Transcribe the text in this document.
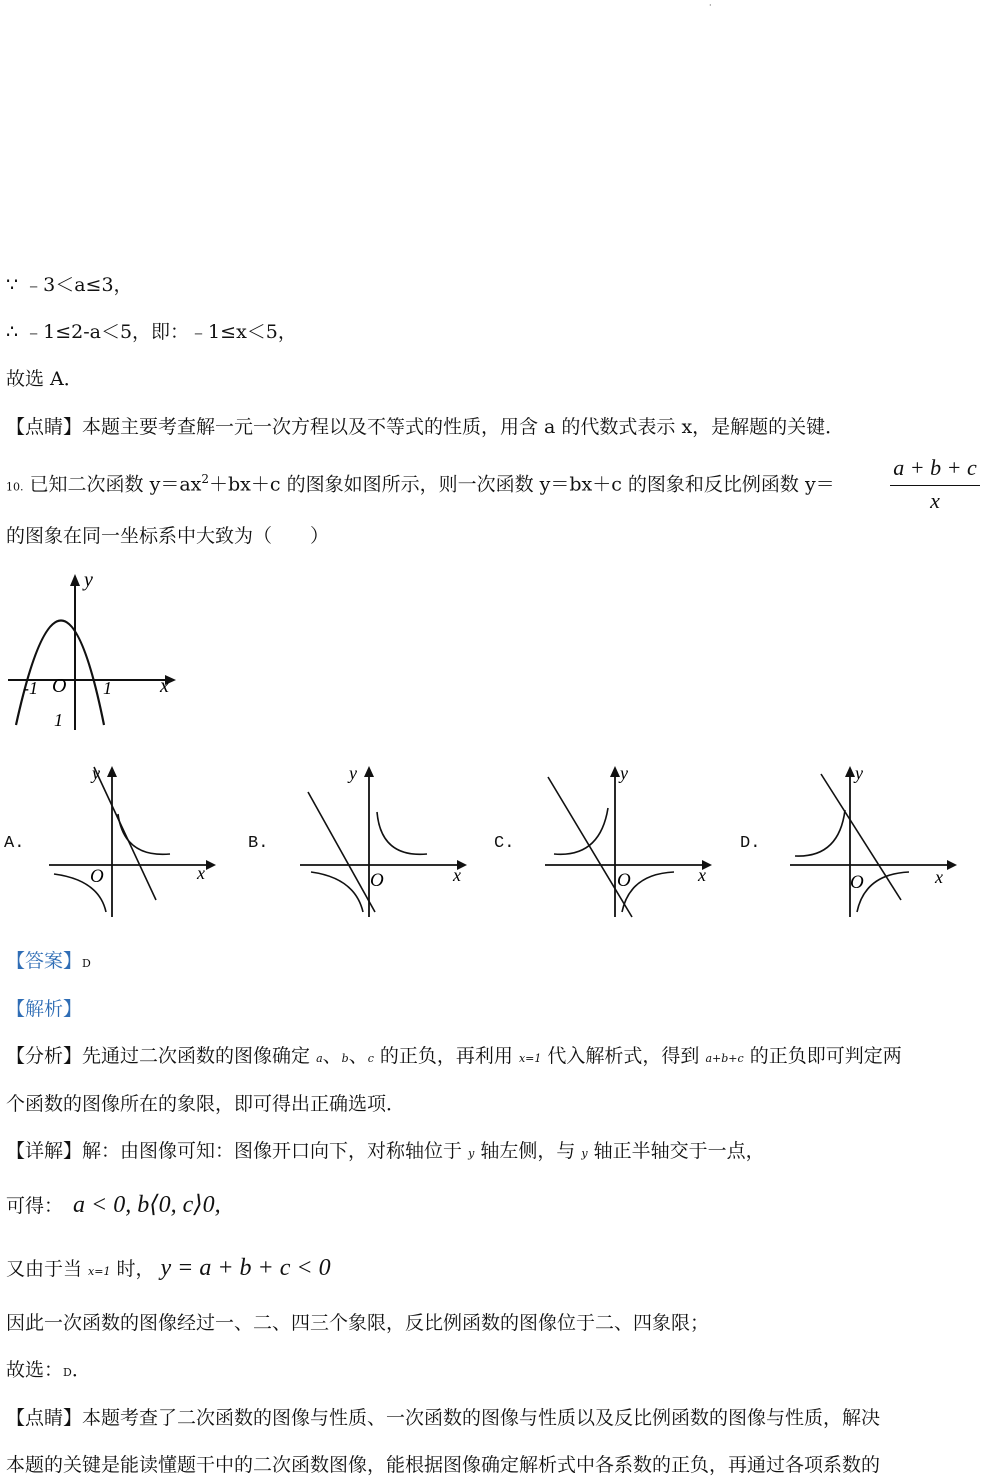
·
∵ ﹣3＜a≤3，
∴ ﹣1≤2-a＜5，即：﹣1≤x＜5，
故选 A．
【点睛】本题主要考查解一元一次方程以及不等式的性质，用含 a 的代数式表示 x，是解题的关键．
10. 已知二次函数 $y=ax^2+bx+c$ 的图象如图所示，则一次函数 y＝bx＋c 的图象和反比例函数 y＝	$\frac{a + b + c}{x}$
的图象在同一坐标系中大致为（　　）
y
x
O
-1	1
1
A.
y
x
O
B.
y
x
O
C.
y
x
O
D.
y
x
O
【答案】D
【解析】
【分析】先通过二次函数的图像确定 a、b、c 的正负，再利用 x=1 代入解析式，得到 a+b+c 的正负即可判定两
个函数的图像所在的象限，即可得出正确选项．
【详解】解：由图像可知：图像开口向下，对称轴位于 y 轴左侧，与 y 轴正半轴交于一点，
可得： a < 0, b⟨0, c⟩0,
又由于当 x=1 时， y = a + b + c < 0
因此一次函数的图像经过一、二、四三个象限，反比例函数的图像位于二、四象限；
故选：D．
【点睛】本题考查了二次函数的图像与性质、一次函数的图像与性质以及反比例函数的图像与性质，解决
本题的关键是能读懂题干中的二次函数图像，能根据图像确定解析式中各系数的正负，再通过各项系数的
